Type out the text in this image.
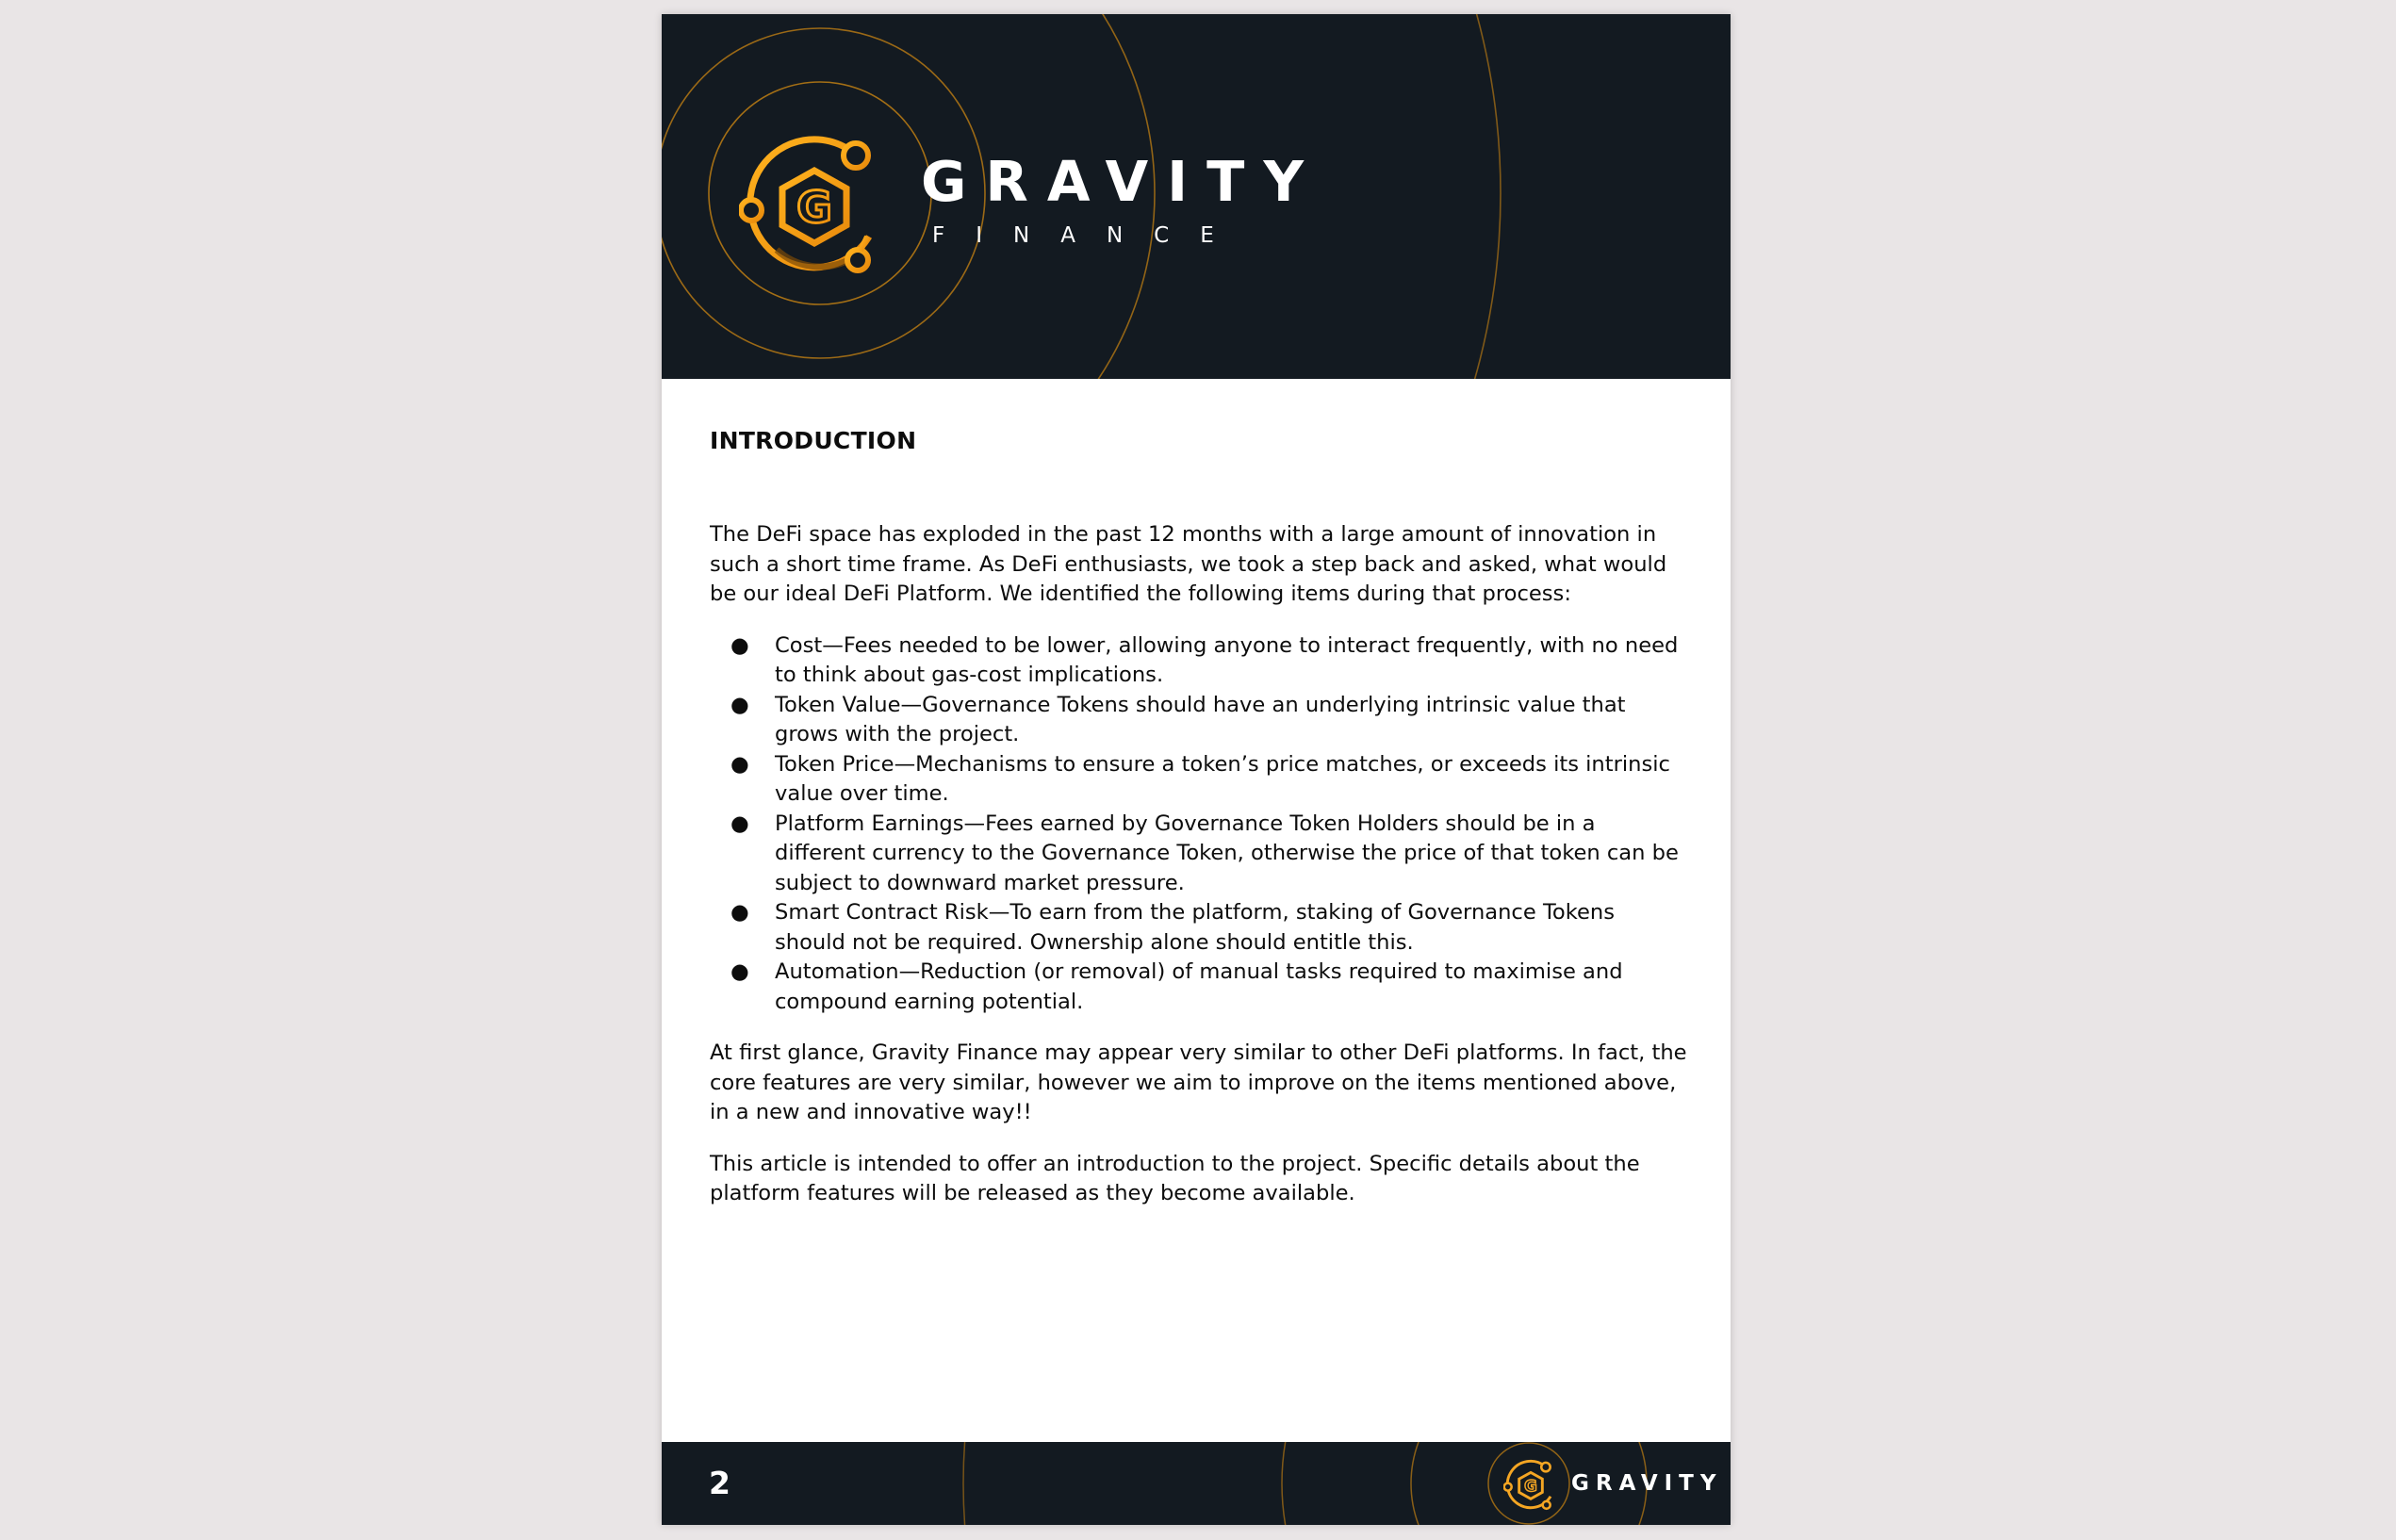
G GRAVITY
FINANCE
INTRODUCTION

The DeFi space has exploded in the past 12 months with a large amount of innovation in such a short time frame. As DeFi enthusiasts, we took a step back and asked, what would be our ideal DeFi Platform. We identified the following items during that process:

● Cost—Fees needed to be lower, allowing anyone to interact frequently, with no need to think about gas-cost implications.
● Token Value—Governance Tokens should have an underlying intrinsic value that grows with the project.
● Token Price—Mechanisms to ensure a token’s price matches, or exceeds its intrinsic value over time.
● Platform Earnings—Fees earned by Governance Token Holders should be in a different currency to the Governance Token, otherwise the price of that token can be subject to downward market pressure.
● Smart Contract Risk—To earn from the platform, staking of Governance Tokens should not be required. Ownership alone should entitle this.
● Automation—Reduction (or removal) of manual tasks required to maximise and compound earning potential.

At first glance, Gravity Finance may appear very similar to other DeFi platforms. In fact, the core features are very similar, however we aim to improve on the items mentioned above, in a new and innovative way!!

This article is intended to offer an introduction to the project. Specific details about the platform features will be released as they become available.

2	G GRAVITY
